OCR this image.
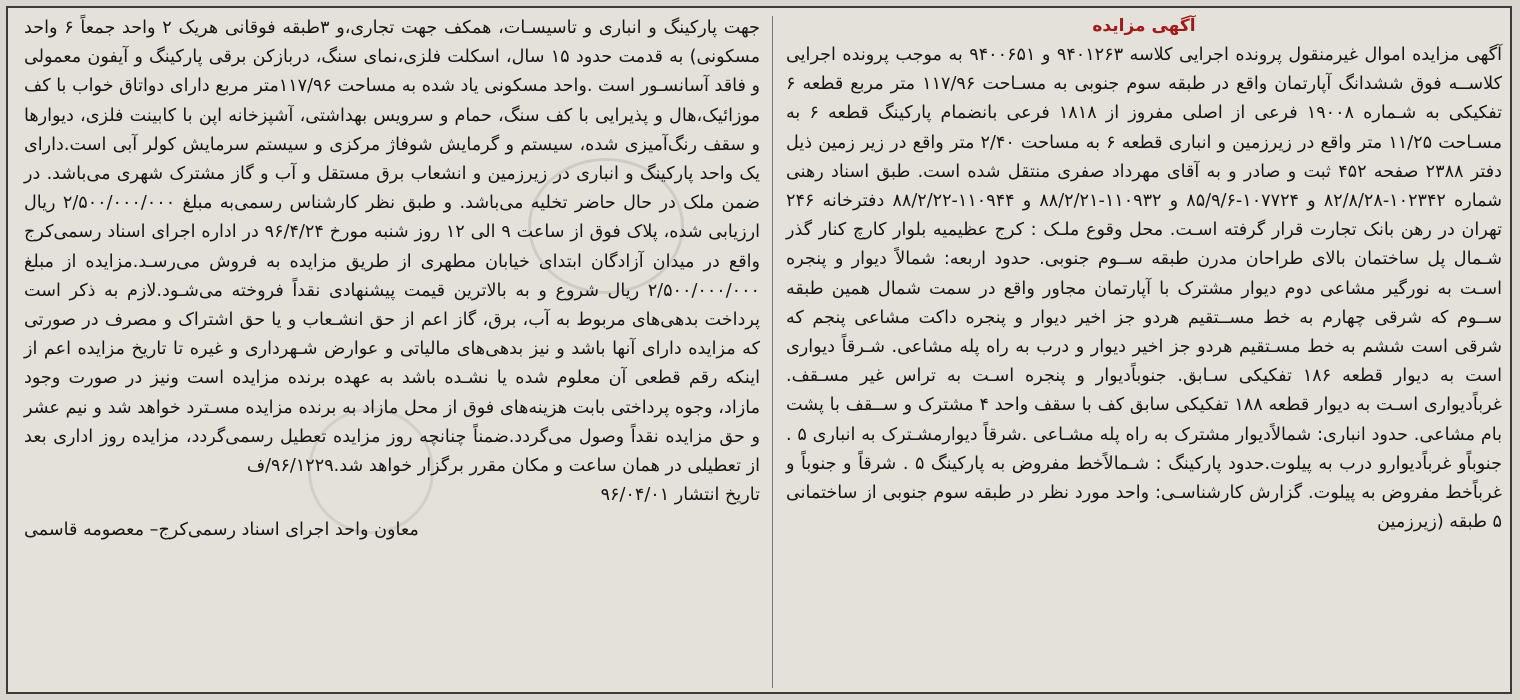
آگهی مزایده

آگهی مزایده اموال غیرمنقول پرونده اجرایی کلاسه ۹۴۰۱۲۶۳ و ۹۴۰۰۶۵۱ به موجب پرونده اجرایی کلاســه فوق ششدانگ آپارتمان واقع در طبقه سوم جنوبی به مسـاحت ۱۱۷/۹۶ متر مربع قطعه ۶ تفکیکی به شـماره ۱۹۰۰۸ فرعی از اصلی مفروز از ۱۸۱۸ فرعی بانضمام پارکینگ قطعه ۶ به مسـاحت ۱۱/۲۵ متر واقع در زیرزمین و انباری قطعه ۶ به مساحت ۲/۴۰ متر واقع در زیر زمین ذیل دفتر ۲۳۸۸ صفحه ۴۵۲ ثبت و صادر و به آقای مهرداد صفری منتقل شده است. طبق اسناد رهنی شماره ۱۰۲۳۴۲-۸۲/۸/۲۸ و ۱۰۷۷۲۴-۸۵/۹/۶ و ۱۱۰۹۳۲-۸۸/۲/۲۱ و ۱۱۰۹۴۴-۸۸/۲/۲۲ دفترخانه ۲۴۶ تهران در رهن بانک تجارت قرار گرفته اسـت. محل وقوع ملـک : کرج عظیمیه بلوار کارچ کنار گذر شـمال پل ساختمان بالای طراحان مدرن طبقه ســوم جنوبی. حدود اربعه: شمالاً دیوار و پنجره اسـت به نورگیر مشاعی دوم دیوار مشترک با آپارتمان مجاور واقع در سمت شمال همین طبقه ســوم که شرقی چهارم به خط مســتقیم هردو جز اخیر دیوار و پنجره داکت مشاعی پنجم که شرقی است ششم به خط مسـتقیم هردو جز اخیر دیوار و درب به راه پله مشاعی. شـرقاً دیواری است به دیوار قطعه ۱۸۶ تفکیکی سـابق. جنوباًدیوار و پنجره اسـت به تراس غیر مسـقف. غرباًدیواری اسـت به دیوار قطعه ۱۸۸ تفکیکی سابق کف با سقف واحد ۴ مشترک و ســقف با پشت بام مشاعی. حدود انباری: شمالاًدیوار مشترک به راه پله مشـاعی .شرقاً دیوارمشـترک به انباری ۵ . جنوباًو غرباًدیوارو درب به پیلوت.حدود پارکینگ : شـمالاًخط مفروض به پارکینگ ۵ . شرقاً و جنوباً و غرباًخط مفروض به پیلوت. گزارش کارشناسـی: واحد مورد نظر در طبقه سوم جنوبی از ساختمانی ۵ طبقه (زیرزمین

جهت پارکینگ و انباری و تاسیسـات، همکف جهت تجاری،و ۳طبقه فوقانی هریک ۲ واحد جمعاً ۶ واحد مسکونی) به قدمت حدود ۱۵ سال، اسکلت فلزی،نمای سنگ، دربازکن برقی پارکینگ و آیفون معمولی و فاقد آسانسـور است .واحد مسکونی یاد شده به مساحت ۱۱۷/۹۶متر مربع دارای دواتاق خواب با کف موزائیک،هال و پذیرایی با کف سنگ، حمام و سرویس بهداشتی، آشپزخانه اپن با کابینت فلزی، دیوارها و سقف رنگ‌آمیزی شده، سیستم و گرمایش شوفاژ مرکزی و سیستم سرمایش کولر آبی است.دارای یک واحد پارکینگ و انباری در زیرزمین و انشعاب برق مستقل و آب و گاز مشترک شهری می‌باشد. در ضمن ملک در حال حاضر تخلیه می‌باشد. و طبق نظر کارشناس رسمی‌به مبلغ ۲/۵۰۰/۰۰۰/۰۰۰ ریال ارزیابی شده، پلاک فوق از ساعت ۹ الی ۱۲ روز شنبه مورخ ۹۶/۴/۲۴ در اداره اجرای اسناد رسمی‌کرج واقع در میدان آزادگان ابتدای خیابان مطهری از طریق مزایده به فروش می‌رسـد.مزایده از مبلغ ۲/۵۰۰/۰۰۰/۰۰۰ ریال شروع و به بالاترین قیمت پیشنهادی نقداً فروخته می‌شـود.لازم به ذکر است پرداخت بدهی‌های مربوط به آب، برق، گاز اعم از حق انشـعاب و یا حق اشتراک و مصرف در صورتی که مزایده دارای آنها باشد و نیز بدهی‌های مالیاتی و عوارض شـهرداری و غیره تا تاریخ مزایده اعم از اینکه رقم قطعی آن معلوم شده یا نشـده باشد به عهده برنده مزایده است ونیز در صورت وجود مازاد، وجوه پرداختی بابت هزینه‌های فوق از محل مازاد به برنده مزایده مسـترد خواهد شد و نیم عشر و حق مزایده نقداً وصول می‌گردد.ضمناً چنانچه روز مزایده تعطیل رسمی‌گردد، مزایده روز اداری بعد از تعطیلی در همان ساعت و مکان مقرر برگزار خواهد شد.۹۶/۱۲۲۹/ف

تاریخ انتشار ۹۶/۰۴/۰۱

معاون واحد اجرای اسناد رسمی‌کرج– معصومه قاسمی
